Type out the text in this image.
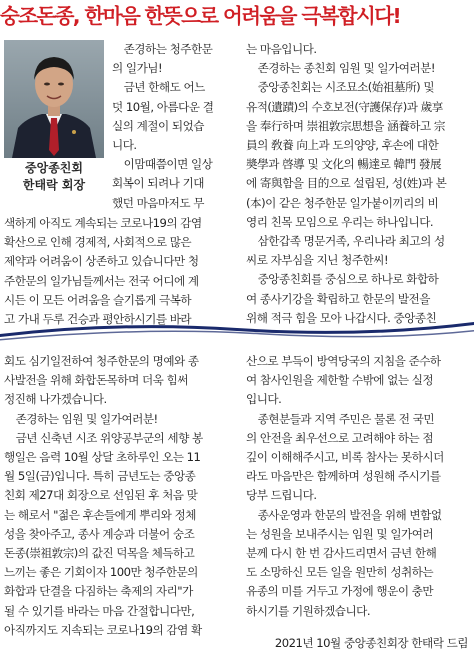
숭조돈종, 한마음 한뜻으로 어려움을 극복합시다!
중앙종친회
한태락 회장
존경하는 청주한문
의 일가님!
금년 한해도 어느
덧 10월, 아름다운 결
실의 계절이 되었습
니다.
이맘때쯤이면 일상
회복이 되려나 기대
했던 마음마저도 무
색하게 아직도 계속되는 코로나19의 감염
확산으로 인해 경제적, 사회적으로 많은
제약과 어려움이 상존하고 있습니다만 청
주한문의 일가님들께서는 전국 어디에 계
시든 이 모든 어려움을 슬기롭게 극복하
고 가내 두루 건승과 평안하시기를 바라
는 마음입니다.
존경하는 종친회 임원 및 일가여러분!
중앙종친회는 시조묘소(始祖墓所) 및
유적(遺蹟)의 수호보전(守護保存)과 歲享
을 奉行하며 崇祖敦宗思想을 涵養하고 宗
員의 敎養 向上과 도의양양, 후손에 대한
奬學과 啓導 및 文化의 暢達로 韓門 發展
에 寄與함을 目的으로 설립된, 성(姓)과 본
(本)이 같은 청주한문 일가붙이끼리의 비
영리 친목 모임으로 우리는 하나입니다.
삼한갑족 명문거족, 우리나라 최고의 성
씨로 자부심을 지닌 청주한씨!
중앙종친회를 중심으로 하나로 화합하
여 종사기강을 확립하고 한문의 발전을
위해 적극 힘을 모아 나갑시다. 중앙종친
회도 심기일전하여 청주한문의 명예와 종
사발전을 위해 화합돈목하며 더욱 힘써
정진해 나가겠습니다.
존경하는 임원 및 일가여러분!
금년 신축년 시조 위양공부군의 세향 봉
행일은 음력 10월 상달 초하루인 오는 11
월 5일(금)입니다. 특히 금년도는 중앙종
친회 제27대 회장으로 선임된 후 처음 맞
는 해로서 "젊은 후손들에게 뿌리와 정체
성을 찾아주고, 종사 계승과 더불어 숭조
돈종(崇祖敦宗)의 값진 덕목을 체득하고
느끼는 좋은 기회이자 100만 청주한문의
화합과 단결을 다짐하는 축제의 자리"가
될 수 있기를 바라는 마음 간절합니다만,
아직까지도 지속되는 코로나19의 감염 확
산으로 부득이 방역당국의 지침을 준수하
여 참사인원을 제한할 수밖에 없는 실정
입니다.
종현분들과 지역 주민은 물론 전 국민
의 안전을 최우선으로 고려해야 하는 점
깊이 이해해주시고, 비록 참사는 못하시더
라도 마음만은 함께하며 성원해 주시기를
당부 드립니다.
종사운영과 한문의 발전을 위해 변함없
는 성원을 보내주시는 임원 및 일가여러
분께 다시 한 번 감사드리면서 금년 한해
도 소망하신 모든 일을 원만히 성취하는
유종의 미를 거두고 가정에 행운이 충만
하시기를 기원하겠습니다.
2021년 10월 중앙종친회장 한태락 드림
